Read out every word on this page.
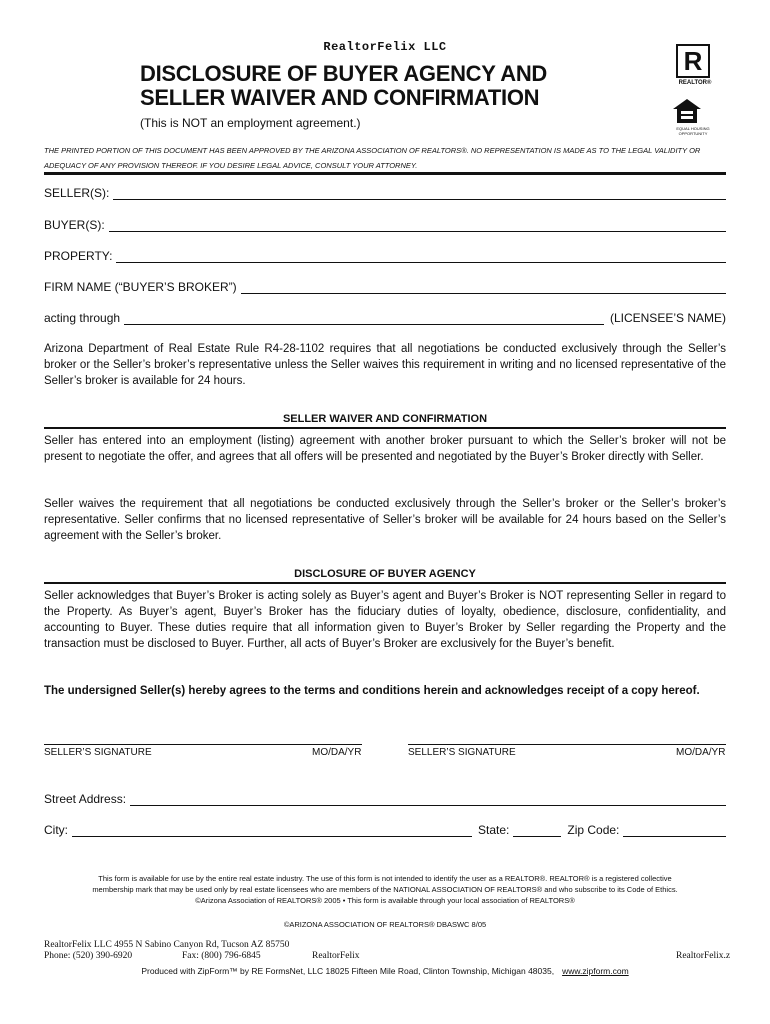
RealtorFelix LLC
DISCLOSURE OF BUYER AGENCY AND
SELLER WAIVER AND CONFIRMATION
(This is NOT an employment agreement.)
R
REALTOR®
EQUAL HOUSING OPPORTUNITY
THE PRINTED PORTION OF THIS DOCUMENT HAS BEEN APPROVED BY THE ARIZONA ASSOCIATION OF REALTORS®. NO REPRESENTATION IS MADE AS TO THE LEGAL VALIDITY OR ADEQUACY OF ANY PROVISION THEREOF. IF YOU DESIRE LEGAL ADVICE, CONSULT YOUR ATTORNEY.
SELLER(S):
BUYER(S):
PROPERTY:
FIRM NAME (“BUYER’S BROKER”)
acting through	(LICENSEE’S NAME)
Arizona Department of Real Estate Rule R4-28-1102 requires that all negotiations be conducted exclusively through the Seller’s broker or the Seller’s broker’s representative unless the Seller waives this requirement in writing and no licensed representative of the Seller’s broker is available for 24 hours.
SELLER WAIVER AND CONFIRMATION
Seller has entered into an employment (listing) agreement with another broker pursuant to which the Seller’s broker will not be present to negotiate the offer, and agrees that all offers will be presented and negotiated by the Buyer’s Broker directly with Seller.
Seller waives the requirement that all negotiations be conducted exclusively through the Seller’s broker or the Seller’s broker’s representative. Seller confirms that no licensed representative of Seller’s broker will be available for 24 hours based on the Seller’s agreement with the Seller’s broker.
DISCLOSURE OF BUYER AGENCY
Seller acknowledges that Buyer’s Broker is acting solely as Buyer’s agent and Buyer’s Broker is NOT representing Seller in regard to the Property. As Buyer’s agent, Buyer’s Broker has the fiduciary duties of loyalty, obedience, disclosure, confidentiality, and accounting to Buyer. These duties require that all information given to Buyer’s Broker by Seller regarding the Property and the transaction must be disclosed to Buyer. Further, all acts of Buyer’s Broker are exclusively for the Buyer’s benefit.
The undersigned Seller(s) hereby agrees to the terms and conditions herein and acknowledges receipt of a copy hereof.
SELLER’S SIGNATURE	MO/DA/YR	SELLER’S SIGNATURE	MO/DA/YR
Street Address:
City:	State:	Zip Code:
This form is available for use by the entire real estate industry. The use of this form is not intended to identify the user as a REALTOR®. REALTOR® is a registered collective
membership mark that may be used only by real estate licensees who are members of the NATIONAL ASSOCIATION OF REALTORS® and who subscribe to its Code of Ethics.
©Arizona Association of REALTORS® 2005 • This form is available through your local association of REALTORS®
©ARIZONA ASSOCIATION OF REALTORS® DBASWC 8/05
RealtorFelix LLC 4955 N Sabino Canyon Rd, Tucson AZ 85750
Phone: (520) 390-6920	Fax: (800) 796-6845	RealtorFelix	RealtorFelix.z
Produced with ZipForm™ by RE FormsNet, LLC 18025 Fifteen Mile Road, Clinton Township, Michigan 48035, www.zipform.com
